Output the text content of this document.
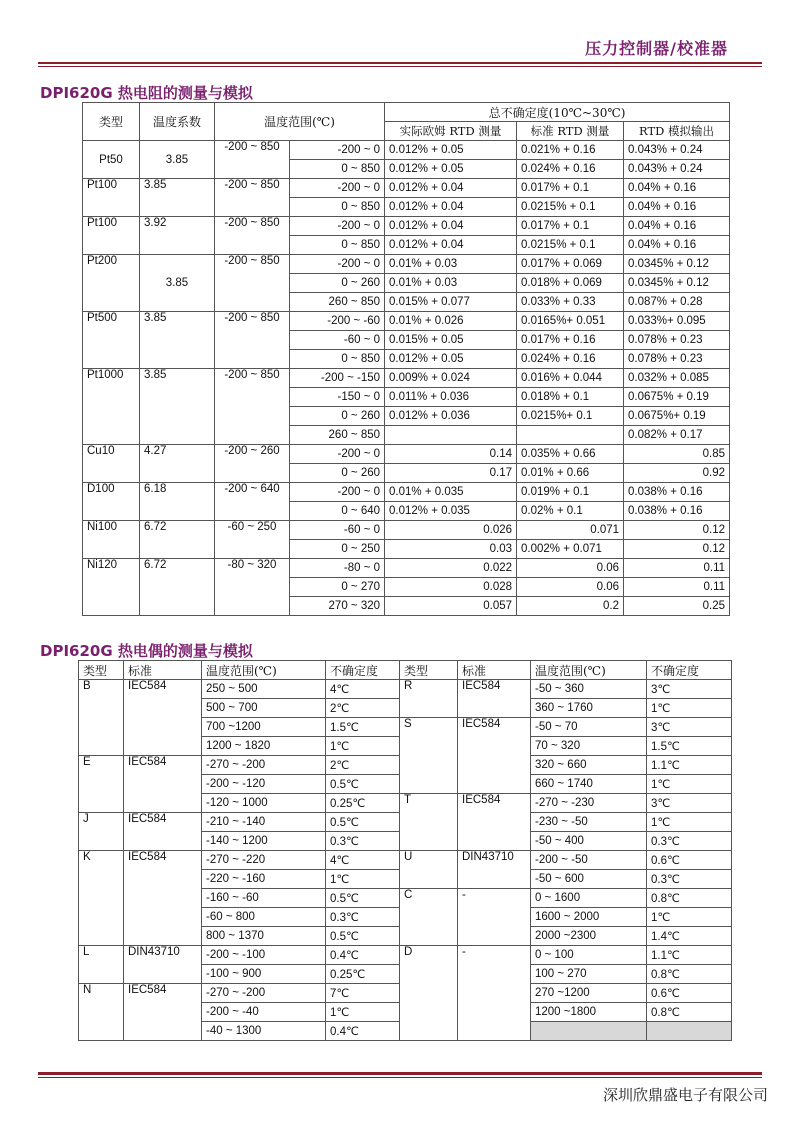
压力控制器/校准器
DPI620G 热电阻的测量与模拟
类型	温度系数	温度范围(℃)		总不确定度(10℃~30℃)		
				实际欧姆 RTD 测量	标准 RTD 测量	RTD 模拟输出
Pt50	3.85	-200 ~ 850	-200 ~ 0	0.012% + 0.05	0.021% + 0.16	0.043% + 0.24
			0 ~ 850	0.012% + 0.05	0.024% + 0.16	0.043% + 0.24
Pt100	3.85	-200 ~ 850	-200 ~ 0	0.012% + 0.04	0.017% + 0.1	0.04% + 0.16
			0 ~ 850	0.012% + 0.04	0.0215% + 0.1	0.04% + 0.16
Pt100	3.92	-200 ~ 850	-200 ~ 0	0.012% + 0.04	0.017% + 0.1	0.04% + 0.16
			0 ~ 850	0.012% + 0.04	0.0215% + 0.1	0.04% + 0.16
Pt200	3.85	-200 ~ 850	-200 ~ 0	0.01% + 0.03	0.017% + 0.069	0.0345% + 0.12
			0 ~ 260	0.01% + 0.03	0.018% + 0.069	0.0345% + 0.12
			260 ~ 850	0.015% + 0.077	0.033% + 0.33	0.087% + 0.28
Pt500	3.85	-200 ~ 850	-200 ~ -60	0.01% + 0.026	0.0165%+ 0.051	0.033%+ 0.095
			-60 ~ 0	0.015% + 0.05	0.017% + 0.16	0.078% + 0.23
			0 ~ 850	0.012% + 0.05	0.024% + 0.16	0.078% + 0.23
Pt1000	3.85	-200 ~ 850	-200 ~ -150	0.009% + 0.024	0.016% + 0.044	0.032% + 0.085
			-150 ~ 0	0.011% + 0.036	0.018% + 0.1	0.0675% + 0.19
			0 ~ 260	0.012% + 0.036	0.0215%+ 0.1	0.0675%+ 0.19
			260 ~ 850			0.082% + 0.17
Cu10	4.27	-200 ~ 260	-200 ~ 0	0.14	0.035% + 0.66	0.85
			0 ~ 260	0.17	0.01% + 0.66	0.92
D100	6.18	-200 ~ 640	-200 ~ 0	0.01% + 0.035	0.019% + 0.1	0.038% + 0.16
			0 ~ 640	0.012% + 0.035	0.02% + 0.1	0.038% + 0.16
Ni100	6.72	-60 ~ 250	-60 ~ 0	0.026	0.071	0.12
			0 ~ 250	0.03	0.002% + 0.071	0.12
Ni120	6.72	-80 ~ 320	-80 ~ 0	0.022	0.06	0.11
			0 ~ 270	0.028	0.06	0.11
			270 ~ 320	0.057	0.2	0.25
DPI620G 热电偶的测量与模拟
类型	标准	温度范围(℃)	不确定度	类型	标准	温度范围(℃)	不确定度
B	IEC584	250 ~ 500	4℃	R	IEC584	-50 ~ 360	3℃
		500 ~ 700	2℃			360 ~ 1760	1℃
		700 ~1200	1.5℃	S	IEC584	-50 ~ 70	3℃
		1200 ~ 1820	1℃			70 ~ 320	1.5℃
E	IEC584	-270 ~ -200	2℃			320 ~ 660	1.1℃
		-200 ~ -120	0.5℃			660 ~ 1740	1℃
		-120 ~ 1000	0.25℃	T	IEC584	-270 ~ -230	3℃
J	IEC584	-210 ~ -140	0.5℃			-230 ~ -50	1℃
		-140 ~ 1200	0.3℃			-50 ~ 400	0.3℃
K	IEC584	-270 ~ -220	4℃	U	DIN43710	-200 ~ -50	0.6℃
		-220 ~ -160	1℃			-50 ~ 600	0.3℃
		-160 ~ -60	0.5℃	C	-	0 ~ 1600	0.8℃
		-60 ~ 800	0.3℃			1600 ~ 2000	1℃
		800 ~ 1370	0.5℃			2000 ~2300	1.4℃
L	DIN43710	-200 ~ -100	0.4℃	D	-	0 ~ 100	1.1℃
		-100 ~ 900	0.25℃			100 ~ 270	0.8℃
N	IEC584	-270 ~ -200	7℃			270 ~1200	0.6℃
		-200 ~ -40	1℃			1200 ~1800	0.8℃
		-40 ~ 1300	0.4℃				
深圳欣鼎盛电子有限公司
